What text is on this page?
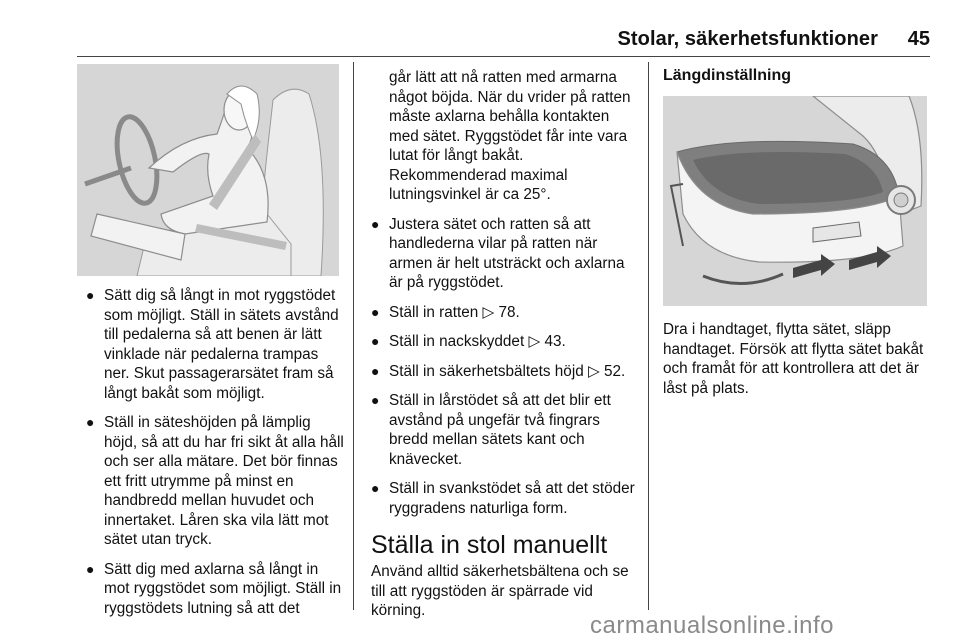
Stolar, säkerhetsfunktioner 45
● Sätt dig så långt in mot ryggstödet som möjligt. Ställ in sätets avstånd till pedalerna så att benen är lätt vinklade när pedalerna trampas ner. Skut passagerarsätet fram så långt bakåt som möjligt.
● Ställ in säteshöjden på lämplig höjd, så att du har fri sikt åt alla håll och ser alla mätare. Det bör finnas ett fritt utrymme på minst en handbredd mellan huvudet och innertaket. Låren ska vila lätt mot sätet utan tryck.
● Sätt dig med axlarna så långt in mot ryggstödet som möjligt. Ställ in ryggstödets lutning så att det
går lätt att nå ratten med armarna något böjda. När du vrider på ratten måste axlarna behålla kontakten med sätet. Ryggstödet får inte vara lutat för långt bakåt. Rekommenderad maximal lutningsvinkel är ca 25°.
● Justera sätet och ratten så att handlederna vilar på ratten när armen är helt utsträckt och axlarna är på ryggstödet.
● Ställ in ratten ▷ 78.
● Ställ in nackskyddet ▷ 43.
● Ställ in säkerhetsbältets höjd ▷ 52.
● Ställ in lårstödet så att det blir ett avstånd på ungefär två fingrars bredd mellan sätets kant och knävecket.
● Ställ in svankstödet så att det stöder ryggradens naturliga form.
Ställa in stol manuellt
Använd alltid säkerhetsbältena och se till att ryggstöden är spärrade vid körning.
Längdinställning
Dra i handtaget, flytta sätet, släpp handtaget. Försök att flytta sätet bakåt och framåt för att kontrollera att det är låst på plats.
carmanualsonline.info
